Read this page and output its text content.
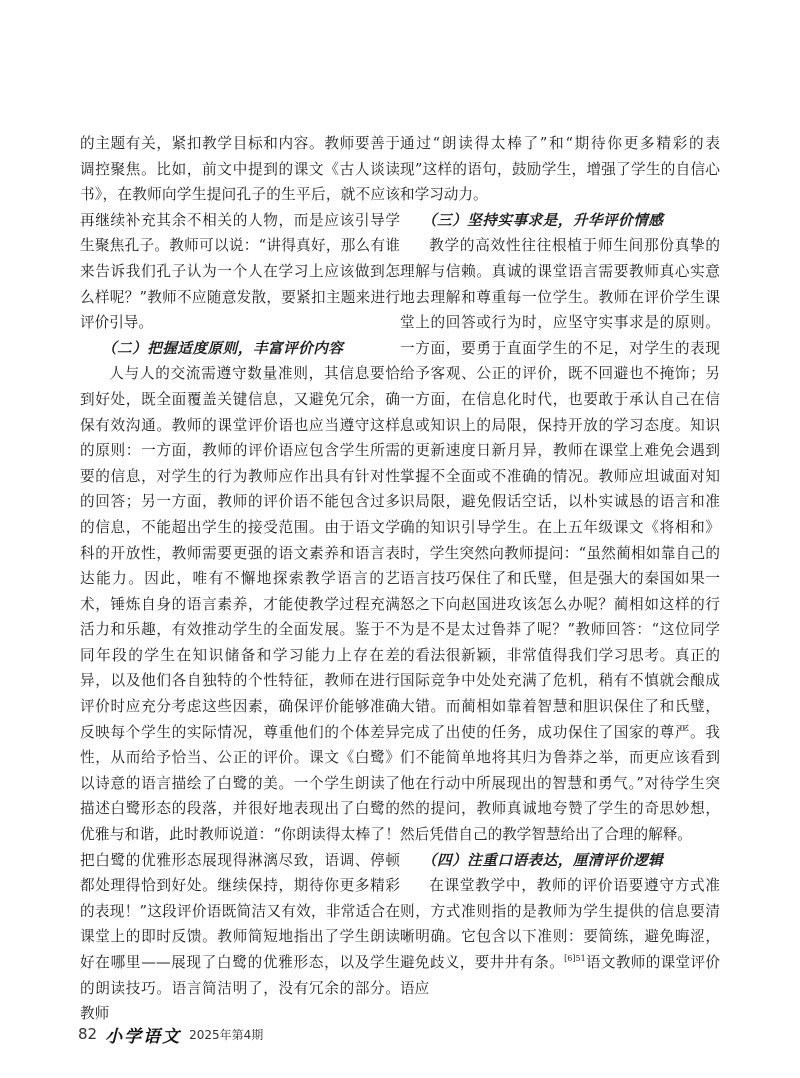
的主题有关，紧扣教学目标和内容。教师要善于调控聚焦。比如，前文中提到的课文《古人谈读书》，在教师向学生提问孔子的生平后，就不应该再继续补充其余不相关的人物，而是应该引导学生聚焦孔子。教师可以说：“讲得真好，那么有谁来告诉我们孔子认为一个人在学习上应该做到怎么样呢？”教师不应随意发散，要紧扣主题来进行评价引导。

（二）把握适度原则，丰富评价内容

人与人的交流需遵守数量准则，其信息要恰到好处，既全面覆盖关键信息，又避免冗余，确保有效沟通。教师的课堂评价语也应当遵守这样的原则：一方面，教师的评价语应包含学生所需要的信息，对学生的行为教师应作出具有针对性的回答；另一方面，教师的评价语不能包含过多的信息，不能超出学生的接受范围。由于语文学科的开放性，教师需要更强的语文素养和语言表达能力。因此，唯有不懈地探索教学语言的艺术，锤炼自身的语言素养，才能使教学过程充满活力和乐趣，有效推动学生的全面发展。鉴于不同年段的学生在知识储备和学习能力上存在差异，以及他们各自独特的个性特征，教师在进行评价时应充分考虑这些因素，确保评价能够准确反映每个学生的实际情况，尊重他们的个体差异性，从而给予恰当、公正的评价。课文《白鹭》以诗意的语言描绘了白鹭的美。一个学生朗读了描述白鹭形态的段落，并很好地表现出了白鹭的优雅与和谐，此时教师说道：“你朗读得太棒了！把白鹭的优雅形态展现得淋漓尽致，语调、停顿都处理得恰到好处。继续保持，期待你更多精彩的表现！”这段评价语既简洁又有效，非常适合在课堂上的即时反馈。教师简短地指出了学生朗读好在哪里——展现了白鹭的优雅形态，以及学生的朗读技巧。语言简洁明了，没有冗余的部分。教师

通过“朗读得太棒了”和“期待你更多精彩的表现”这样的语句，鼓励学生，增强了学生的自信心和学习动力。

（三）坚持实事求是，升华评价情感

教学的高效性往往根植于师生间那份真挚的理解与信赖。真诚的课堂语言需要教师真心实意地去理解和尊重每一位学生。教师在评价学生课堂上的回答或行为时，应坚守实事求是的原则。一方面，要勇于直面学生的不足，对学生的表现给予客观、公正的评价，既不回避也不掩饰；另一方面，在信息化时代，也要敢于承认自己在信息或知识上的局限，保持开放的学习态度。知识的更新速度日新月异，教师在课堂上难免会遇到掌握不全面或不准确的情况。教师应坦诚面对知识局限，避免假话空话，以朴实诚恳的语言和准确的知识引导学生。在上五年级课文《将相和》时，学生突然向教师提问：“虽然蔺相如靠自己的语言技巧保住了和氏璧，但是强大的秦国如果一怒之下向赵国进攻该怎么办呢？蔺相如这样的行为是不是太过鲁莽了呢？”教师回答：“这位同学的看法很新颖，非常值得我们学习思考。真正的国际竞争中处处充满了危机，稍有不慎就会酿成大错。而蔺相如靠着智慧和胆识保住了和氏璧，完成了出使的任务，成功保住了国家的尊严。我们不能简单地将其归为鲁莽之举，而更应该看到他在行动中所展现出的智慧和勇气。”对待学生突然的提问，教师真诚地夸赞了学生的奇思妙想，然后凭借自己的教学智慧给出了合理的解释。

（四）注重口语表达，厘清评价逻辑

在课堂教学中，教师的评价语要遵守方式准则，方式准则指的是教师为学生提供的信息要清晰明确。它包含以下准则：要简练，避免晦涩，避免歧义，要井井有条。$^{[6]51}$语文教师的课堂评价语应

82 小学语文 2025年第4期
